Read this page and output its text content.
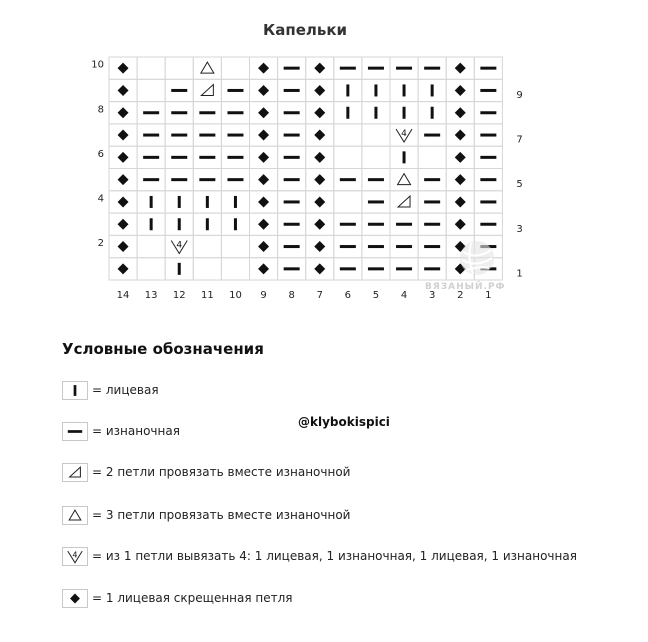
Капельки
4
4
10
9
8
7
6
5
4
3
2
1
14 13 12 11 10 9 8 7 6 5 4 3 2 1
ВЯЗАНЫЙ.РФ
Условные обозначения
= лицевая
= изнаночная
= 2 петли провязать вместе изнаночной
= 3 петли провязать вместе изнаночной
4 = из 1 петли вывязать 4: 1 лицевая, 1 изнаночная, 1 лицевая, 1 изнаночная
= 1 лицевая скрещенная петля
@klybokispici
